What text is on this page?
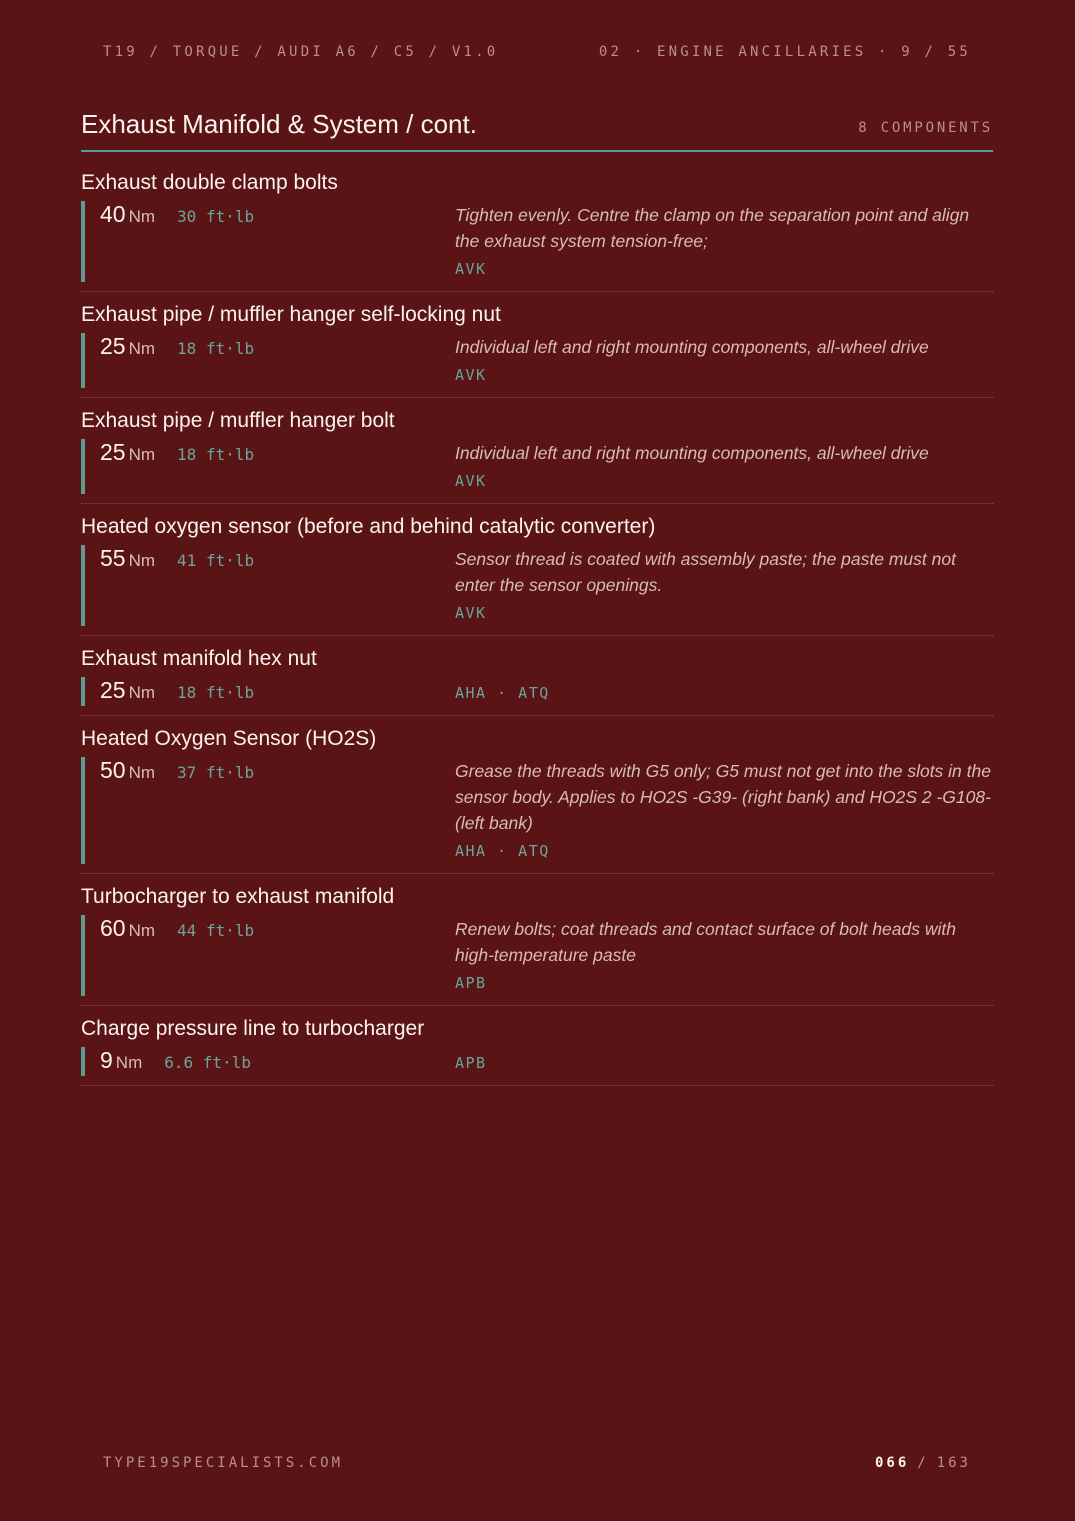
T19 / TORQUE / AUDI A6 / C5 / V1.0	02 · ENGINE ANCILLARIES · 9 / 55
Exhaust Manifold & System / cont.	8 COMPONENTS
Exhaust double clamp bolts
40 Nm 30 ft·lb	Tighten evenly. Centre the clamp on the separation point and align the exhaust system tension-free;
AVK
Exhaust pipe / muffler hanger self-locking nut
25 Nm 18 ft·lb	Individual left and right mounting components, all-wheel drive
AVK
Exhaust pipe / muffler hanger bolt
25 Nm 18 ft·lb	Individual left and right mounting components, all-wheel drive
AVK
Heated oxygen sensor (before and behind catalytic converter)
55 Nm 41 ft·lb	Sensor thread is coated with assembly paste; the paste must not enter the sensor openings.
AVK
Exhaust manifold hex nut
25 Nm 18 ft·lb	AHA · ATQ
Heated Oxygen Sensor (HO2S)
50 Nm 37 ft·lb	Grease the threads with G5 only; G5 must not get into the slots in the sensor body. Applies to HO2S -G39- (right bank) and HO2S 2 -G108- (left bank)
AHA · ATQ
Turbocharger to exhaust manifold
60 Nm 44 ft·lb	Renew bolts; coat threads and contact surface of bolt heads with high-temperature paste
APB
Charge pressure line to turbocharger
9 Nm 6.6 ft·lb	APB
TYPE19SPECIALISTS.COM	066 / 163
